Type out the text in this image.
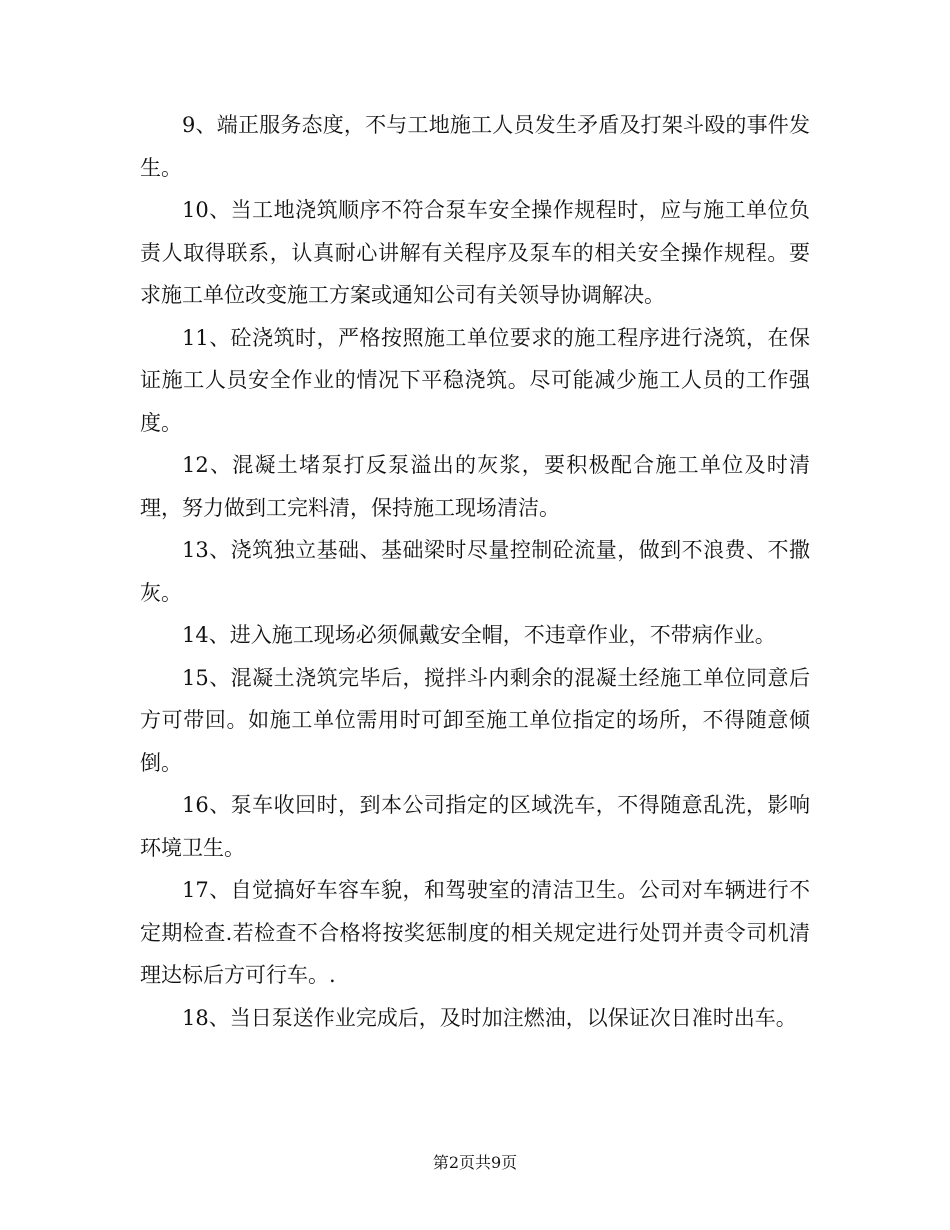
9、端正服务态度，不与工地施工人员发生矛盾及打架斗殴的事件发生。

10、当工地浇筑顺序不符合泵车安全操作规程时，应与施工单位负责人取得联系，认真耐心讲解有关程序及泵车的相关安全操作规程。要求施工单位改变施工方案或通知公司有关领导协调解决。

11、砼浇筑时，严格按照施工单位要求的施工程序进行浇筑，在保证施工人员安全作业的情况下平稳浇筑。尽可能减少施工人员的工作强度。

12、混凝土堵泵打反泵溢出的灰浆，要积极配合施工单位及时清理，努力做到工完料清，保持施工现场清洁。

13、浇筑独立基础、基础梁时尽量控制砼流量，做到不浪费、不撒灰。

14、进入施工现场必须佩戴安全帽，不违章作业，不带病作业。

15、混凝土浇筑完毕后，搅拌斗内剩余的混凝土经施工单位同意后方可带回。如施工单位需用时可卸至施工单位指定的场所，不得随意倾倒。

16、泵车收回时，到本公司指定的区域洗车，不得随意乱洗，影响环境卫生。

17、自觉搞好车容车貌，和驾驶室的清洁卫生。公司对车辆进行不定期检查.若检查不合格将按奖惩制度的相关规定进行处罚并责令司机清理达标后方可行车。.

18、当日泵送作业完成后，及时加注燃油，以保证次日准时出车。

第2页共9页
